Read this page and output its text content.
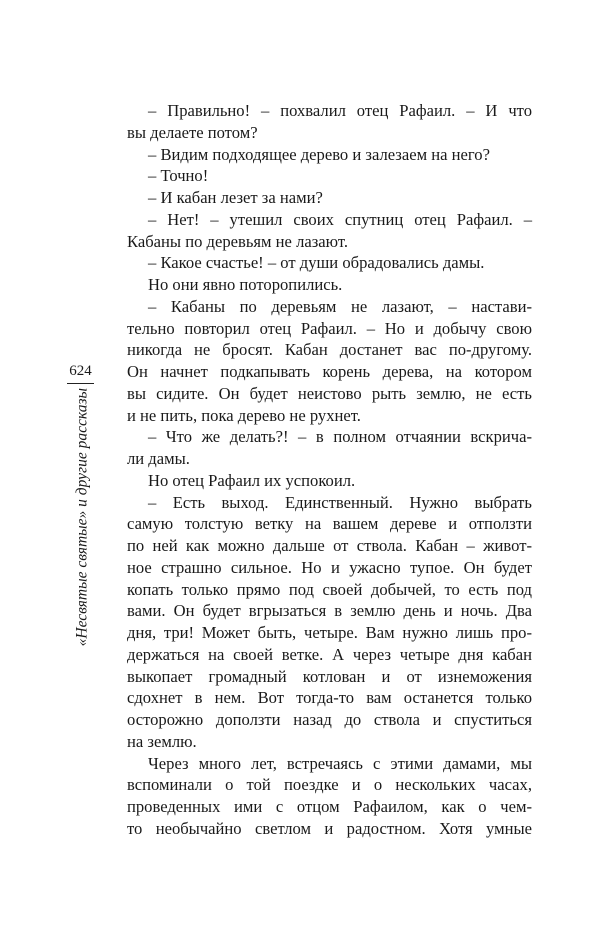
624
«Несвятые святые» и другие рассказы
– Правильно! – похвалил отец Рафаил. – И что
вы делаете потом?
– Видим подходящее дерево и залезаем на него?
– Точно!
– И кабан лезет за нами?
– Нет! – утешил своих спутниц отец Рафаил. –
Кабаны по деревьям не лазают.
– Какое счастье! – от души обрадовались дамы.
Но они явно поторопились.
– Кабаны по деревьям не лазают, – настави-
тельно повторил отец Рафаил. – Но и добычу свою
никогда не бросят. Кабан достанет вас по-другому.
Он начнет подкапывать корень дерева, на котором
вы сидите. Он будет неистово рыть землю, не есть
и не пить, пока дерево не рухнет.
– Что же делать?! – в полном отчаянии вскрича-
ли дамы.
Но отец Рафаил их успокоил.
– Есть выход. Единственный. Нужно выбрать
самую толстую ветку на вашем дереве и отползти
по ней как можно дальше от ствола. Кабан – живот-
ное страшно сильное. Но и ужасно тупое. Он будет
копать только прямо под своей добычей, то есть под
вами. Он будет вгрызаться в землю день и ночь. Два
дня, три! Может быть, четыре. Вам нужно лишь про-
держаться на своей ветке. А через четыре дня кабан
выкопает громадный котлован и от изнеможения
сдохнет в нем. Вот тогда-то вам останется только
осторожно доползти назад до ствола и спуститься
на землю.
Через много лет, встречаясь с этими дамами, мы
вспоминали о той поездке и о нескольких часах,
проведенных ими с отцом Рафаилом, как о чем-
то необычайно светлом и радостном. Хотя умные
